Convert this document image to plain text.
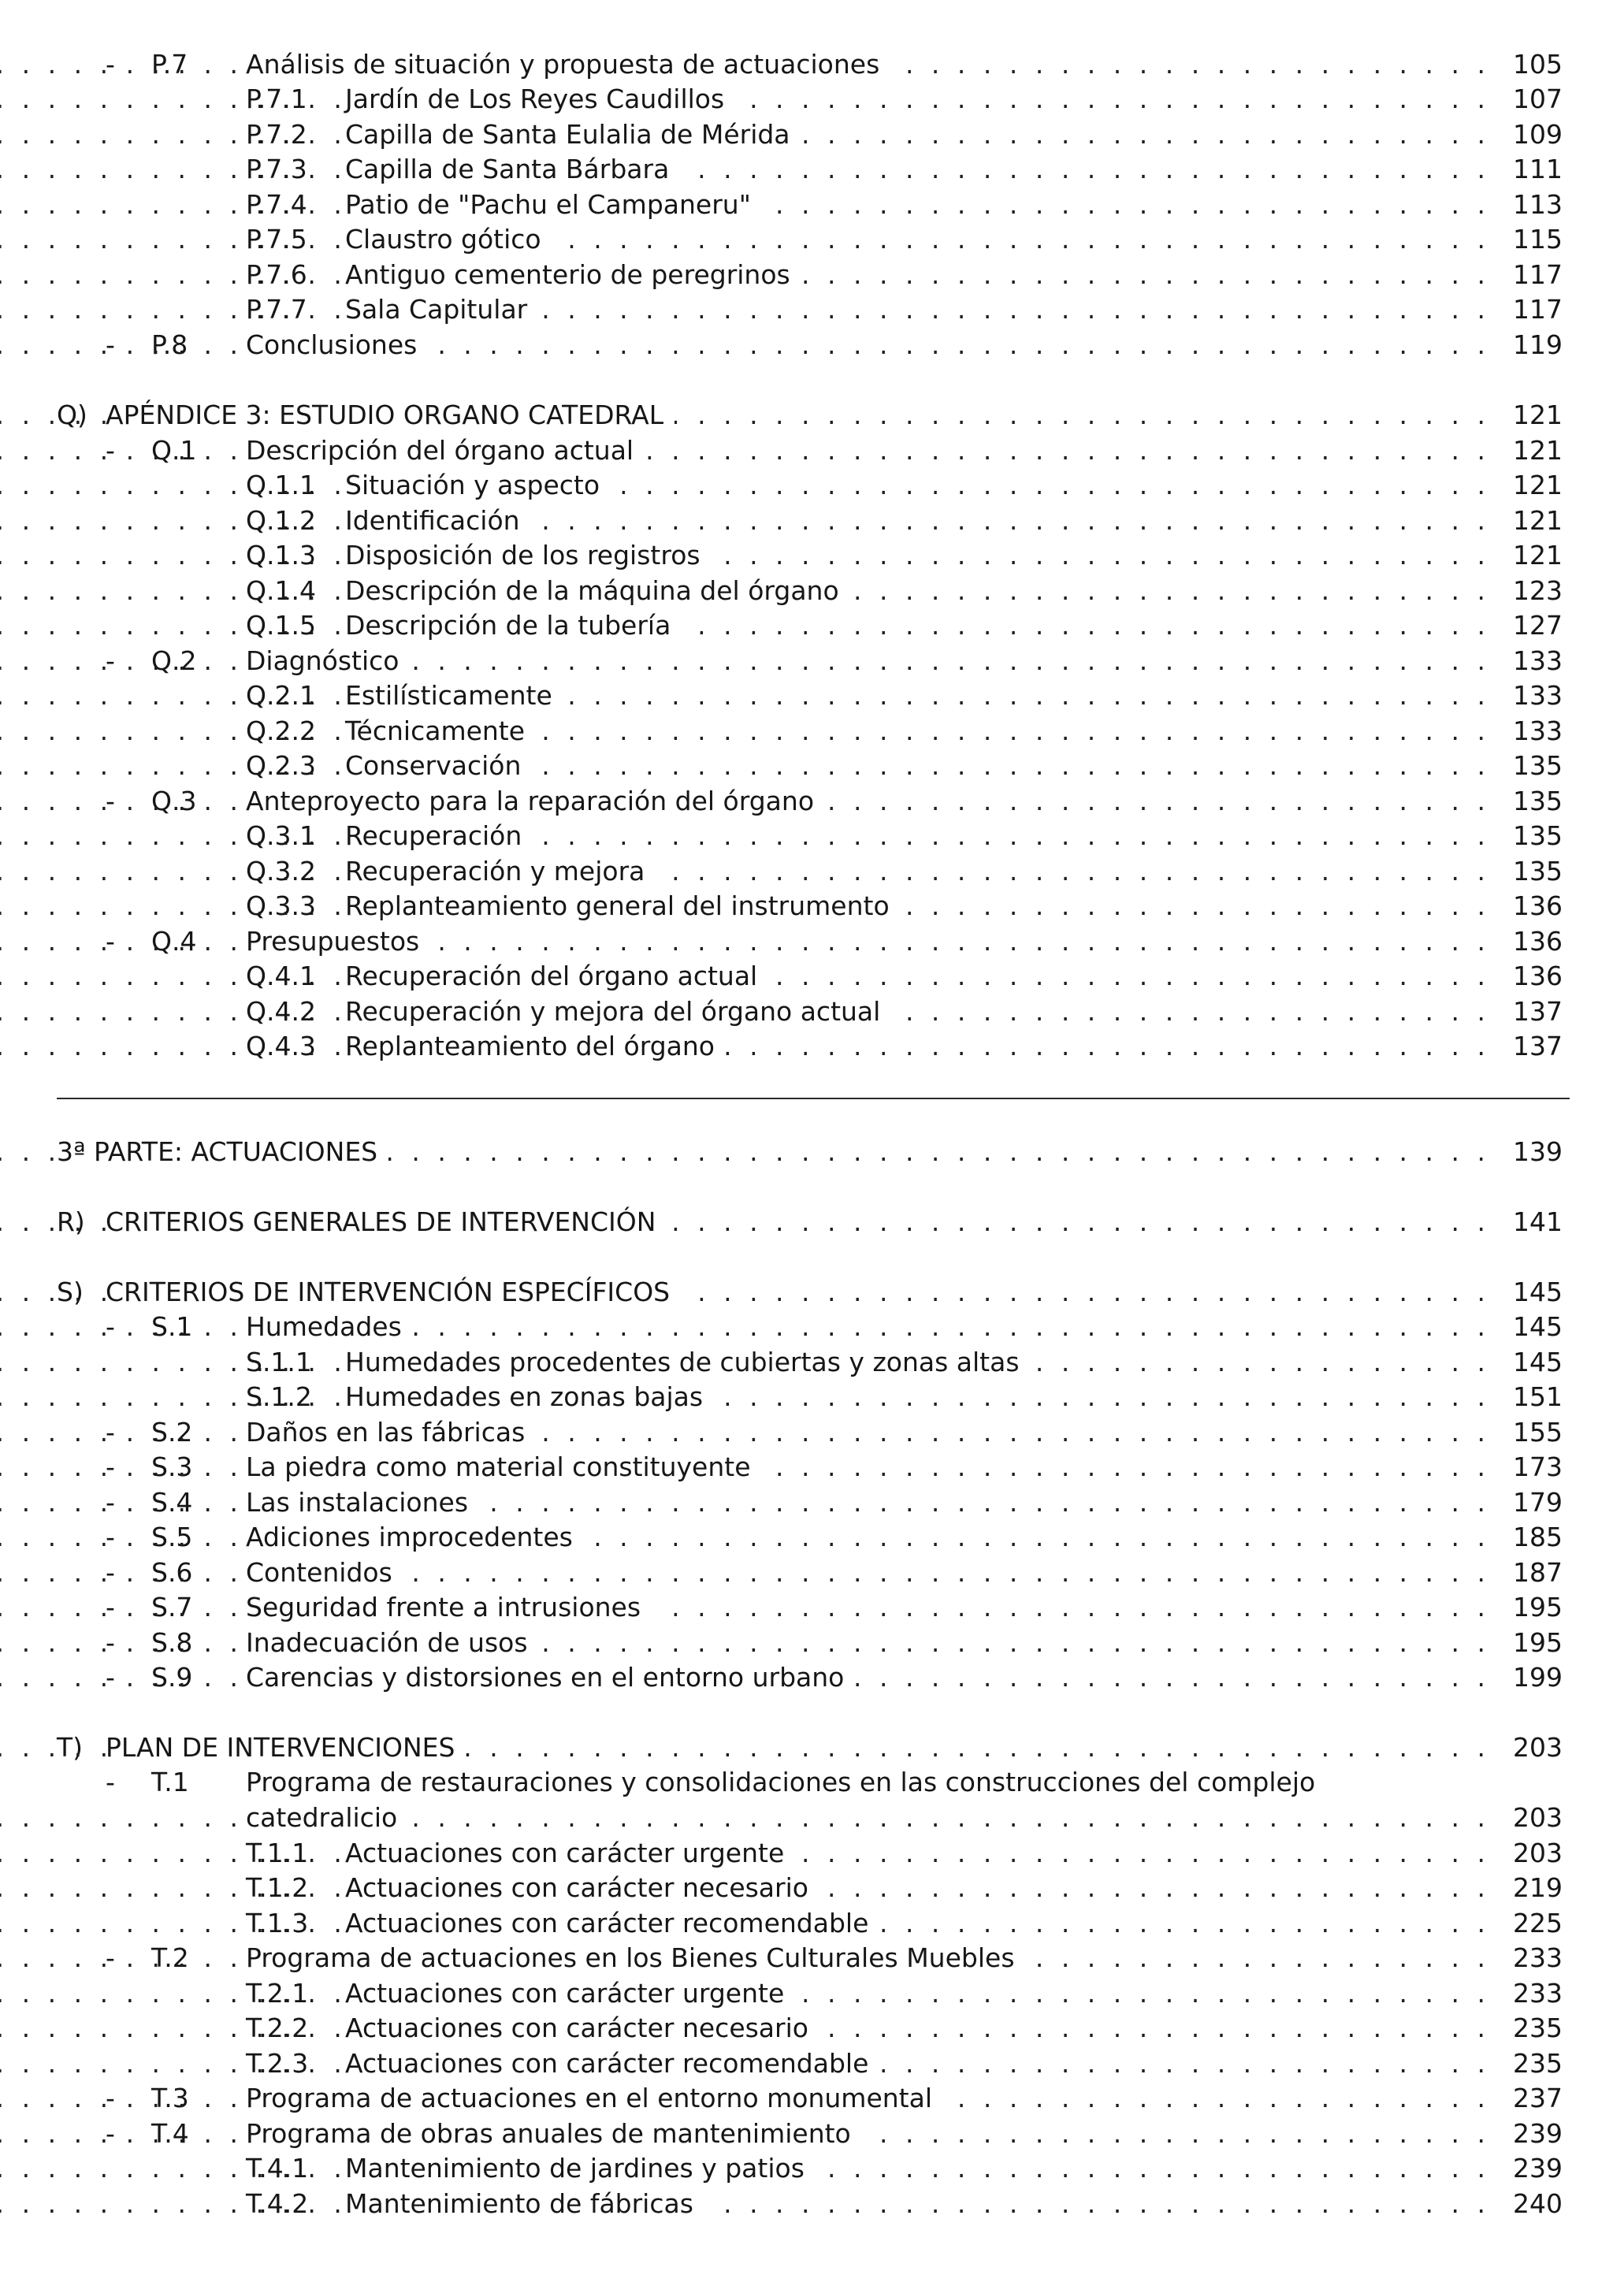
- P.7 Análisis de situación y propuesta de actuaciones . . .	105
P.7.1 Jardín de Los Reyes Caudillos . . .	107
P.7.2 Capilla de Santa Eulalia de Mérida . . .	109
P.7.3 Capilla de Santa Bárbara . . .	111
P.7.4 Patio de "Pachu el Campaneru" . . .	113
P.7.5 Claustro gótico . . .	115
P.7.6 Antiguo cementerio de peregrinos . . .	117
P.7.7 Sala Capitular . . .	117
- P.8 Conclusiones . . .	119
Q) APÉNDICE 3: ESTUDIO ORGANO CATEDRAL . . .	121
- Q.1 Descripción del órgano actual . . .	121
Q.1.1 Situación y aspecto . . .	121
Q.1.2 Identificación . . .	121
Q.1.3 Disposición de los registros . . .	121
Q.1.4 Descripción de la máquina del órgano . . .	123
Q.1.5 Descripción de la tubería . . .	127
- Q.2 Diagnóstico . . .	133
Q.2.1 Estilísticamente . . .	133
Q.2.2 Técnicamente . . .	133
Q.2.3 Conservación . . .	135
- Q.3 Anteproyecto para la reparación del órgano . . .	135
Q.3.1 Recuperación . . .	135
Q.3.2 Recuperación y mejora . . .	135
Q.3.3 Replanteamiento general del instrumento . . .	136
- Q.4 Presupuestos . . .	136
Q.4.1 Recuperación del órgano actual . . .	136
Q.4.2 Recuperación y mejora del órgano actual . . .	137
Q.4.3 Replanteamiento del órgano . . .	137
3ª PARTE: ACTUACIONES . . .	139
R) CRITERIOS GENERALES DE INTERVENCIÓN . . .	141
S) CRITERIOS DE INTERVENCIÓN ESPECÍFICOS . . .	145
- S.1 Humedades . . .	145
S.1.1 Humedades procedentes de cubiertas y zonas altas . . .	145
S.1.2 Humedades en zonas bajas . . .	151
- S.2 Daños en las fábricas . . .	155
- S.3 La piedra como material constituyente . . .	173
- S.4 Las instalaciones . . .	179
- S.5 Adiciones improcedentes . . .	185
- S.6 Contenidos . . .	187
- S.7 Seguridad frente a intrusiones . . .	195
- S.8 Inadecuación de usos . . .	195
- S.9 Carencias y distorsiones en el entorno urbano . . .	199
T) PLAN DE INTERVENCIONES . . .	203
- T.1 Programa de restauraciones y consolidaciones en las construcciones del complejo
catedralicio . . .	203
T.1.1 Actuaciones con carácter urgente . . .	203
T.1.2 Actuaciones con carácter necesario . . .	219
T.1.3 Actuaciones con carácter recomendable . . .	225
- T.2 Programa de actuaciones en los Bienes Culturales Muebles . . .	233
T.2.1 Actuaciones con carácter urgente . . .	233
T.2.2 Actuaciones con carácter necesario . . .	235
T.2.3 Actuaciones con carácter recomendable . . .	235
- T.3 Programa de actuaciones en el entorno monumental . . .	237
- T.4 Programa de obras anuales de mantenimiento . . .	239
T.4.1 Mantenimiento de jardines y patios . . .	239
T.4.2 Mantenimiento de fábricas . . .	240
